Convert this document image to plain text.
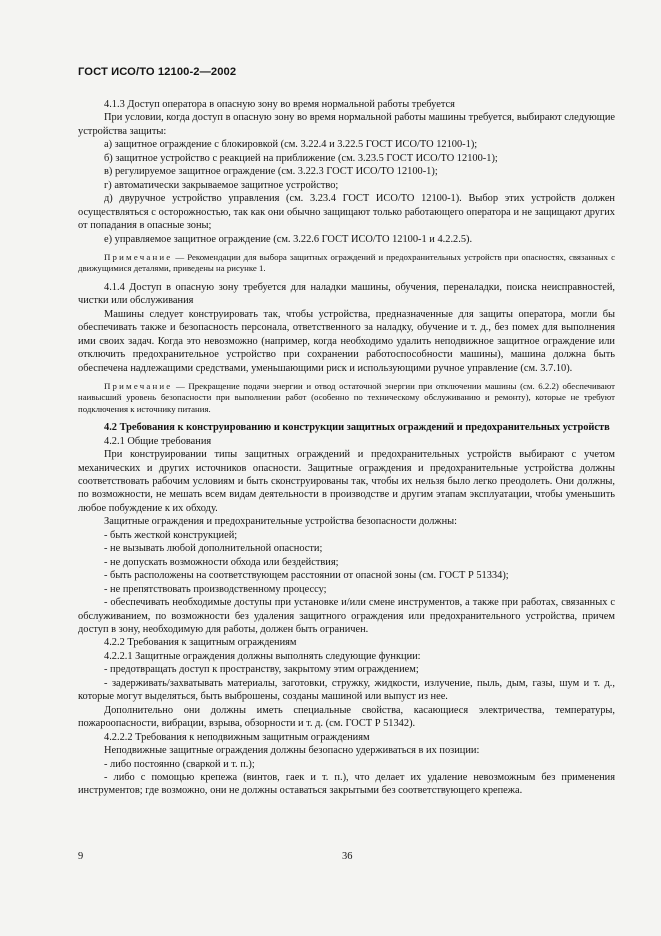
ГОСТ ИСО/ТО 12100-2—2002

4.1.3 Доступ оператора в опасную зону во время нормальной работы требуется

При условии, когда доступ в опасную зону во время нормальной работы машины требуется, выбирают следующие устройства защиты:

а) защитное ограждение с блокировкой (см. 3.22.4 и 3.22.5 ГОСТ ИСО/ТО 12100-1);

б) защитное устройство с реакцией на приближение (см. 3.23.5 ГОСТ ИСО/ТО 12100-1);

в) регулируемое защитное ограждение (см. 3.22.3 ГОСТ ИСО/ТО 12100-1);

г) автоматически закрываемое защитное устройство;

д) двуручное устройство управления (см. 3.23.4 ГОСТ ИСО/ТО 12100-1). Выбор этих устройств должен осуществляться с осторожностью, так как они обычно защищают только работающего оператора и не защищают других от попадания в опасные зоны;

е) управляемое защитное ограждение (см. 3.22.6 ГОСТ ИСО/ТО 12100-1 и 4.2.2.5).

Примечание — Рекомендации для выбора защитных ограждений и предохранительных устройств при опасностях, связанных с движущимися деталями, приведены на рисунке 1.

4.1.4 Доступ в опасную зону требуется для наладки машины, обучения, переналадки, поиска неисправностей, чистки или обслуживания

Машины следует конструировать так, чтобы устройства, предназначенные для защиты оператора, могли бы обеспечивать также и безопасность персонала, ответственного за наладку, обучение и т. д., без помех для выполнения ими своих задач. Когда это невозможно (например, когда необходимо удалить неподвижное защитное ограждение или отключить предохранительное устройство при сохранении работоспособности машины), машина должна быть обеспечена надлежащими средствами, уменьшающими риск и использующими ручное управление (см. 3.7.10).

Примечание — Прекращение подачи энергии и отвод остаточной энергии при отключении машины (см. 6.2.2) обеспечивают наивысший уровень безопасности при выполнении работ (особенно по техническому обслуживанию и ремонту), которые не требуют подключения к источнику питания.

4.2 Требования к конструированию и конструкции защитных ограждений и предохранительных устройств

4.2.1 Общие требования

При конструировании типы защитных ограждений и предохранительных устройств выбирают с учетом механических и других источников опасности. Защитные ограждения и предохранительные устройства должны соответствовать рабочим условиям и быть сконструированы так, чтобы их нельзя было легко преодолеть. Они должны, по возможности, не мешать всем видам деятельности в производстве и другим этапам эксплуатации, чтобы уменьшить любое побуждение к их обходу.

Защитные ограждения и предохранительные устройства безопасности должны:

- быть жесткой конструкцией;

- не вызывать любой дополнительной опасности;

- не допускать возможности обхода или бездействия;

- быть расположены на соответствующем расстоянии от опасной зоны (см. ГОСТ Р 51334);

- не препятствовать производственному процессу;

- обеспечивать необходимые доступы при установке и/или смене инструментов, а также при работах, связанных с обслуживанием, по возможности без удаления защитного ограждения или предохранительного устройства, причем доступ в зону, необходимую для работы, должен быть ограничен.

4.2.2 Требования к защитным ограждениям

4.2.2.1 Защитные ограждения должны выполнять следующие функции:

- предотвращать доступ к пространству, закрытому этим ограждением;

- задерживать/захватывать материалы, заготовки, стружку, жидкости, излучение, пыль, дым, газы, шум и т. д., которые могут выделяться, быть выброшены, созданы машиной или выпуст из нее.

Дополнительно они должны иметь специальные свойства, касающиеся электричества, температуры, пожароопасности, вибрации, взрыва, обзорности и т. д. (см. ГОСТ Р 51342).

4.2.2.2 Требования к неподвижным защитным ограждениям

Неподвижные защитные ограждения должны безопасно удерживаться в их позиции:

- либо постоянно (сваркой и т. п.);

- либо с помощью крепежа (винтов, гаек и т. п.), что делает их удаление невозможным без применения инструментов; где возможно, они не должны оставаться закрытыми без соответствующего крепежа.

9	36
